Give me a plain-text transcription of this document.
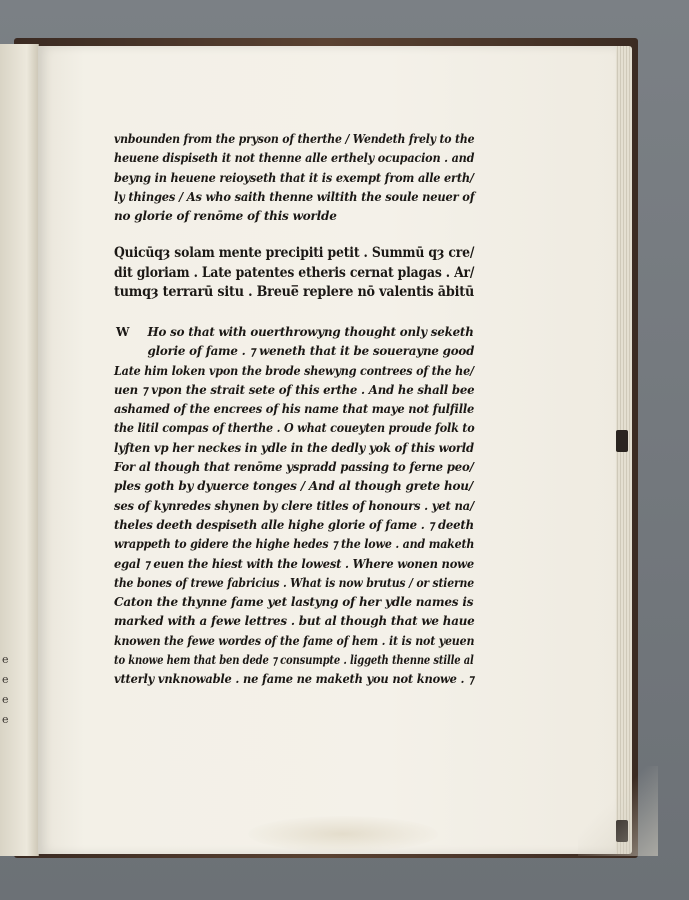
e
e
e
e
vnbounden from the pryson of therthe / Wendeth frely to the
heuene dispiseth it not thenne alle erthely ocupacion . and
beyng in heuene reioyseth that it is exempt from alle erth/
ly thinges / As who saith thenne wiltith the soule neuer of
no glorie of renōme of this worlde
Quicūqȝ solam mente precipiti petit . Summū qȝ cre/
dit gloriam . Late patentes etheris cernat plagas . Ar/
tumqȝ terrarū situ . Breue̅ replere nō valentis ābitū
W	Ho so that with ouerthrowyng thought only seketh
glorie of fame . ⁊ weneth that it be souerayne good
Late him loken vpon the brode shewyng contrees of the he/
uen ⁊ vpon the strait sete of this erthe . And he shall bee
ashamed of the encrees of his name that maye not fulfille
the litil compas of therthe . O what coueyten proude folk to
lyften vp her neckes in ydle in the dedly yok of this world
For al though that renōme yspradd passing to ferne peo/
ples goth by dyuerce tonges / And al though grete hou/
ses of kynredes shynen by clere titles of honours . yet na/
theles deeth despiseth alle highe glorie of fame . ⁊ deeth
wrappeth to gidere the highe hedes ⁊ the lowe . and maketh
egal ⁊ euen the hiest with the lowest . Where wonen nowe
the bones of trewe fabricius . What is now brutus / or stierne
Caton the thynne fame yet lastyng of her ydle names is
marked with a fewe lettres . but al though that we haue
knowen the fewe wordes of the fame of hem . it is not yeuen
to knowe hem that ben dede ⁊ consumpte . liggeth thenne stille al
vtterly vnknowable . ne fame ne maketh you not knowe . ⁊
